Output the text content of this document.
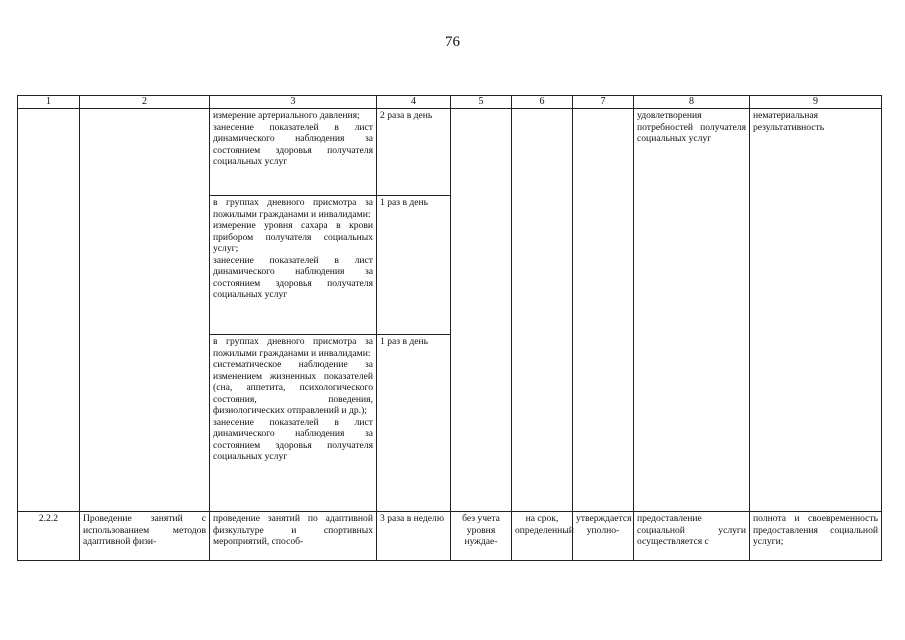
76
1	2	3	4	5	6	7	8	9
		измерение артериального давления;
занесение показателей в лист динамического наблюдения за состоянием здоровья получателя социальных услуг	2 раза в день				удовлетворения потребностей получателя социальных услуг	нематериальная результативность
		в группах дневного присмотра за пожилыми гражданами и инвалидами:
измерение уровня сахара в крови прибором получателя социальных услуг;
занесение показателей в лист динамического наблюдения за состоянием здоровья получателя социальных услуг	1 раз в день					
		в группах дневного присмотра за пожилыми гражданами и инвалидами:
систематическое наблюдение за изменением жизненных показателей (сна, аппетита, психологического состояния, поведения, физиологических отправлений и др.);
занесение показателей в лист динамического наблюдения за состоянием здоровья получателя социальных услуг	1 раз в день					
2.2.2	Проведение занятий с использованием методов адаптивной физи-	проведение занятий по адаптивной физкультуре и спортивных мероприятий, способ-	3 раза в неделю	без учета уровня нуждае-	на срок, определенный	утверждается уполно-	предоставление социальной услуги осуществляется с	полнота и своевременность предоставления социальной услуги;
